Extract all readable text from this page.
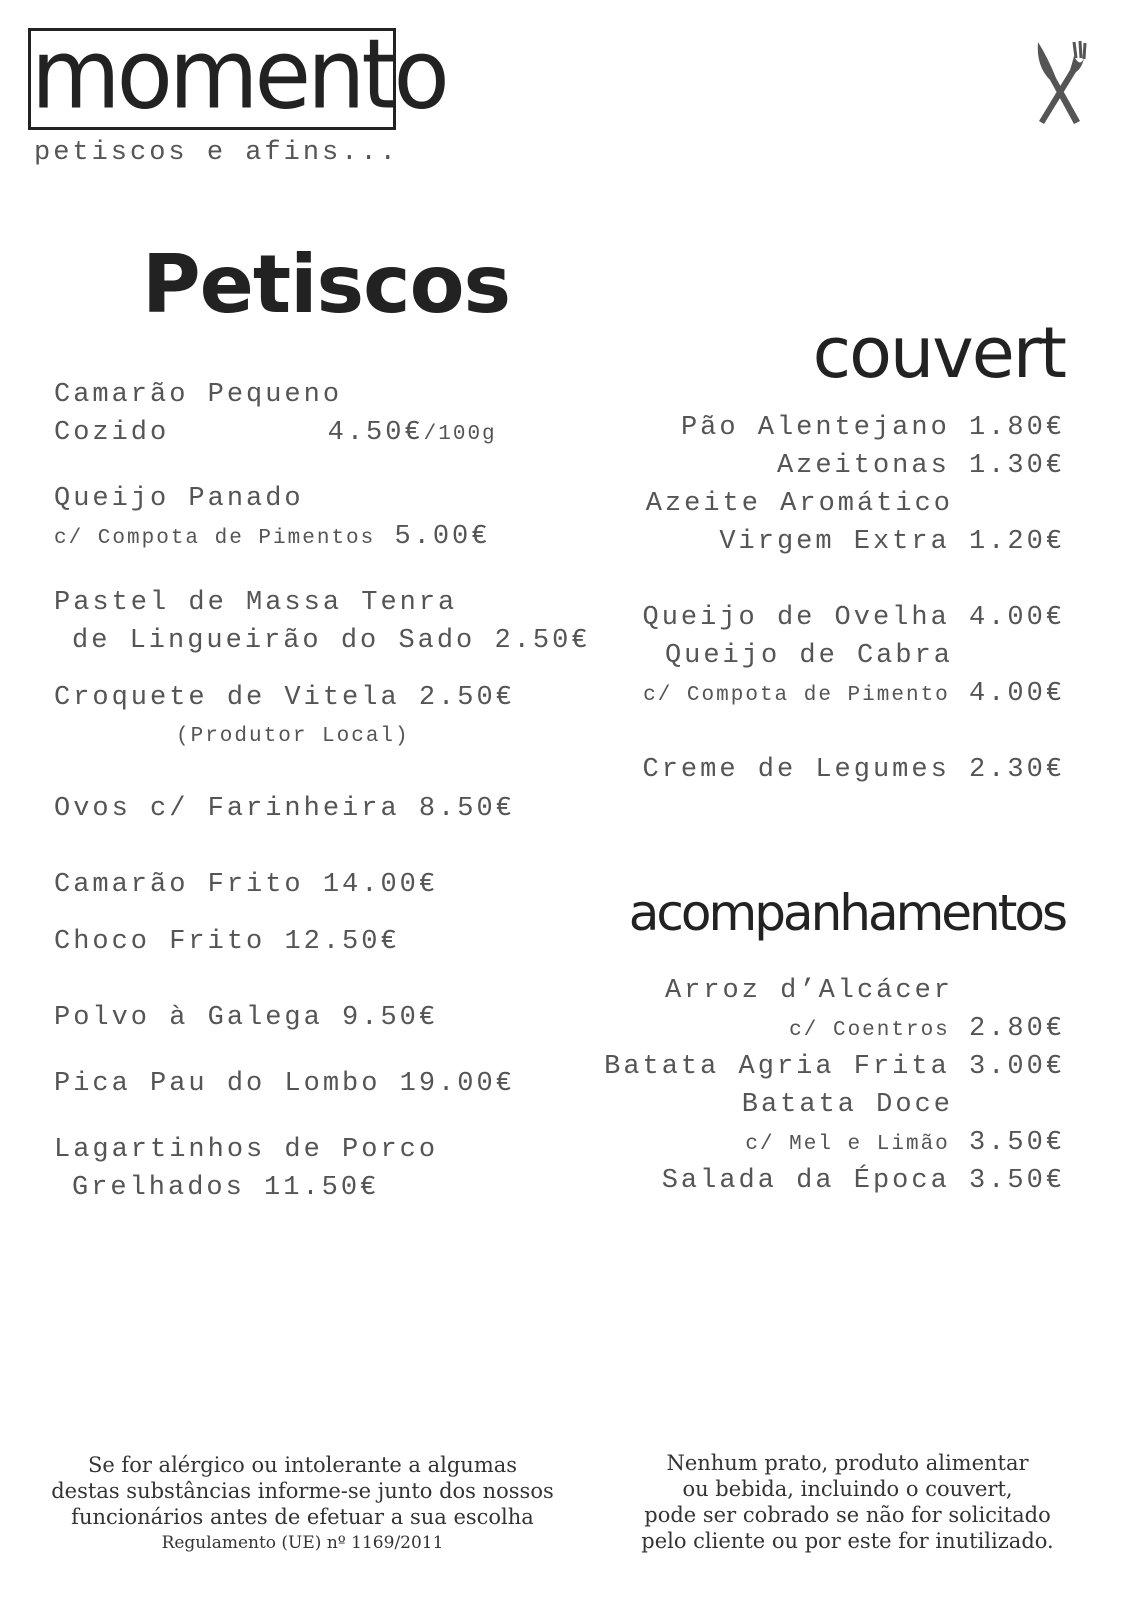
momento
petiscos e afins...
Petiscos
Camarão Pequeno
Cozido	4.50€/100g
Queijo Panado
c/ Compota de Pimentos 5.00€
Pastel de Massa Tenra
de Lingueirão do Sado 2.50€
Croquete de Vitela 2.50€
(Produtor Local)
Ovos c/ Farinheira 8.50€
Camarão Frito 14.00€
Choco Frito 12.50€
Polvo à Galega 9.50€
Pica Pau do Lombo 19.00€
Lagartinhos de Porco
Grelhados 11.50€
couvert
Pão Alentejano 1.80€
Azeitonas 1.30€
Azeite Aromático
Virgem Extra 1.20€
Queijo de Ovelha 4.00€
Queijo de Cabra
c/ Compota de Pimento 4.00€
Creme de Legumes 2.30€
acompanhamentos
Arroz d’Alcácer
c/ Coentros 2.80€
Batata Agria Frita 3.00€
Batata Doce
c/ Mel e Limão 3.50€
Salada da Época 3.50€
Se for alérgico ou intolerante a algumas
destas substâncias informe-se junto dos nossos
funcionários antes de efetuar a sua escolha
Regulamento (UE) nº 1169/2011
Nenhum prato, produto alimentar
ou bebida, incluindo o couvert,
pode ser cobrado se não for solicitado
pelo cliente ou por este for inutilizado.
